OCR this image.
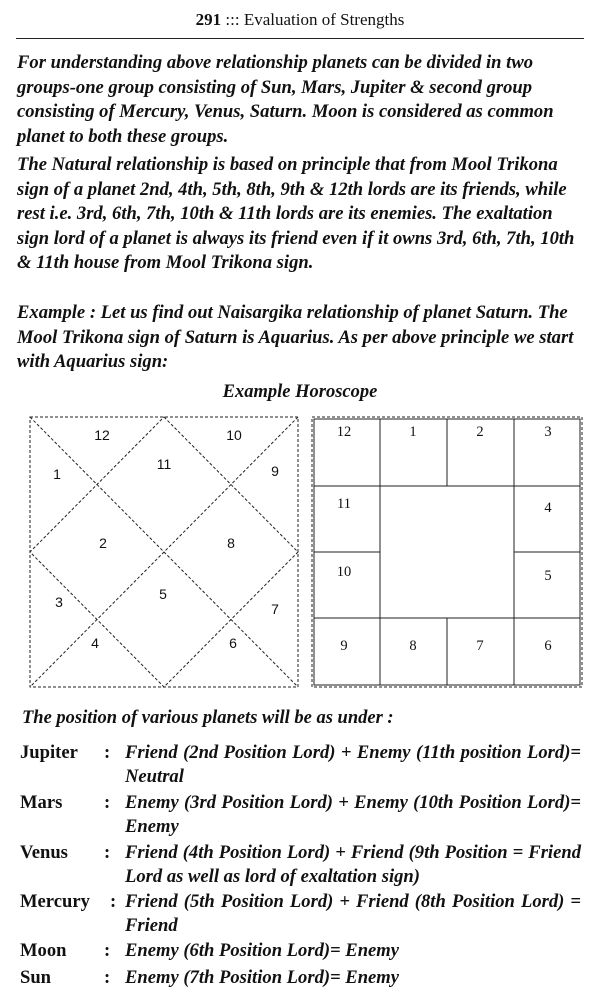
291 ::: Evaluation of Strengths

For understanding above relationship planets can be divided in two groups-one group consisting of Sun, Mars, Jupiter & second group consisting of Mercury, Venus, Saturn. Moon is considered as common planet to both these groups.

The Natural relationship is based on principle that from Mool Trikona sign of a planet 2nd, 4th, 5th, 8th, 9th & 12th lords are its friends, while rest i.e. 3rd, 6th, 7th, 10th & 11th lords are its enemies. The exaltation sign lord of a planet is always its friend even if it owns 3rd, 6th, 7th, 10th & 11th house from Mool Trikona sign.

Example : Let us find out Naisargika relationship of planet Saturn. The Mool Trikona sign of Saturn is Aquarius. As per above principle we start with Aquarius sign:

Example Horoscope
12	10
1
11	9
2	8
3	5
7
4	6
12	1	2	3
11
10
4
5
9	8	7	6
The position of various planets will be as under :
Jupiter : Friend (2nd Position Lord) + Enemy (11th position Lord)= Neutral
Mars : Enemy (3rd Position Lord) + Enemy (10th Position Lord)= Enemy
Venus : Friend (4th Position Lord) + Friend (9th Position = Friend Lord as well as lord of exaltation sign)
Mercury : Friend (5th Position Lord) + Friend (8th Position Lord) = Friend
Moon : Enemy (6th Position Lord)= Enemy
Sun	: Enemy (7th Position Lord)= Enemy
